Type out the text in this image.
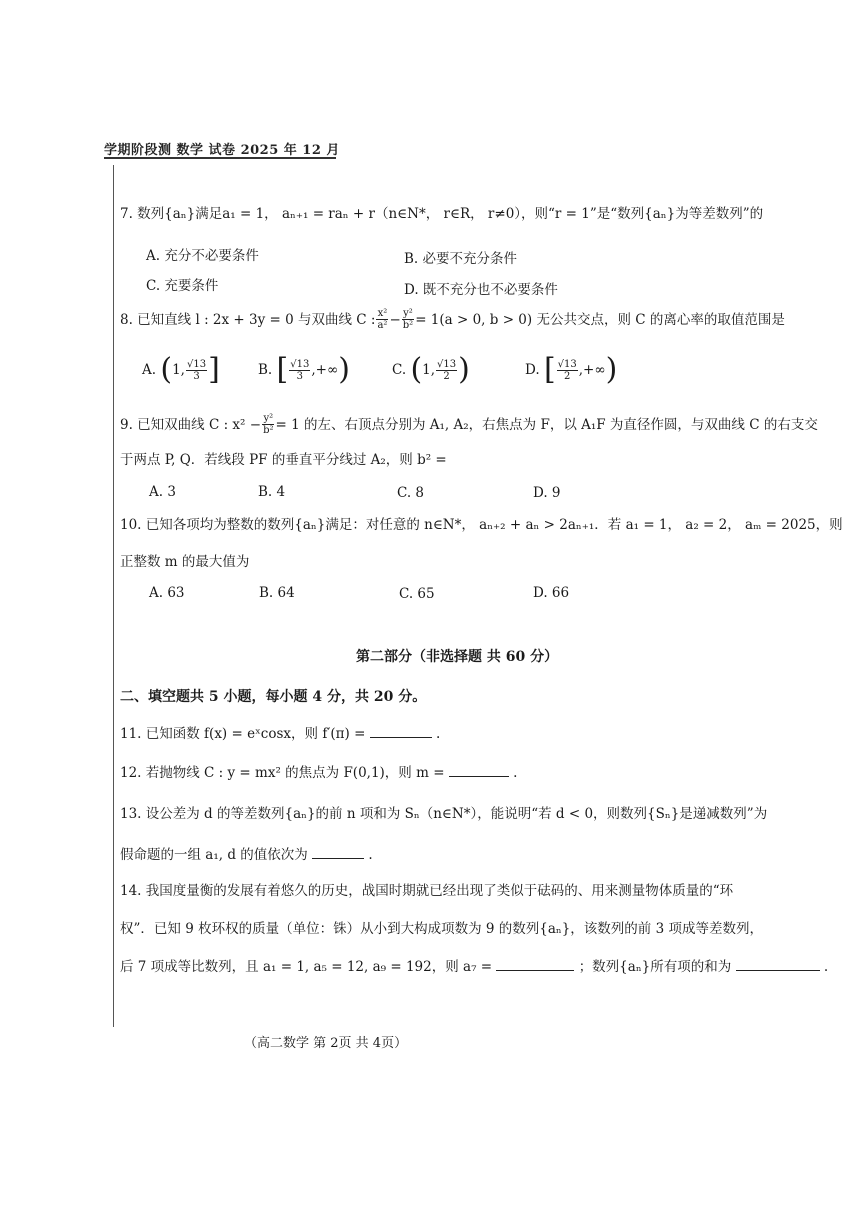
学期阶段测 数学 试卷 2025 年 12 月
7. 数列{aₙ}满足a₁ = 1， aₙ₊₁ = raₙ + r（n∈N*， r∈R， r≠0），则“r = 1”是“数列{aₙ}为等差数列”的
A. 充分不必要条件	B. 必要不充分条件
C. 充要条件	D. 既不充分也不必要条件
8. 已知直线 l : 2x + 3y = 0 与双曲线 C : $\frac{\text{x²}}{\text{a²}} - \frac{\text{y²}}{\text{b²}} = 1(a > 0$, b > 0) 无公共交点，则 C 的离心率的取值范围是
A.
( 1, $\frac{√13}{3}$ ]	B.
[ $\frac{√13}{3}$ ,+∞ )	C.
( 1, $\frac{√13}{2}$ )	D.
[ $\frac{√13}{2}$ ,+∞ )
9. 已知双曲线 C : $x^2 - \frac{\text{y²}}{\text{b²}} = 1$ 的左、右顶点分别为 A₁, A₂，右焦点为 F，以 A₁F 为直径作圆，与双曲线 C 的右支交
于两点 P, Q．若线段 PF 的垂直平分线过 A₂，则 b² =
A. 3	B. 4	C. 8	D. 9
10. 已知各项均为整数的数列{aₙ}满足：对任意的 n∈N*， aₙ₊₂ + aₙ > 2aₙ₊₁．若 a₁ = 1， a₂ = 2， aₘ = 2025，则
正整数 m 的最大值为
A. 63	B. 64	C. 65	D. 66
第二部分（非选择题 共 60 分）
二、填空题共 5 小题，每小题 4 分，共 20 分。
11. 已知函数 f(x) = eˣcosx，则 f′(π) =	.
12. 若抛物线 C : y = mx² 的焦点为 F(0,1)，则 m =	.
13. 设公差为 d 的等差数列{aₙ}的前 n 项和为 Sₙ（n∈N*），能说明“若 d < 0，则数列{Sₙ}是递减数列”为
假命题的一组 a₁, d 的值依次为	.
14. 我国度量衡的发展有着悠久的历史，战国时期就已经出现了类似于砝码的、用来测量物体质量的“环
权”．已知 9 枚环权的质量（单位：铢）从小到大构成项数为 9 的数列{aₙ}，该数列的前 3 项成等差数列，
后 7 项成等比数列，且 a₁ = 1, a₅ = 12, a₉ = 192，则 a₇ =	；数列{aₙ}所有项的和为	.
（高二数学 第 2页 共 4页）
